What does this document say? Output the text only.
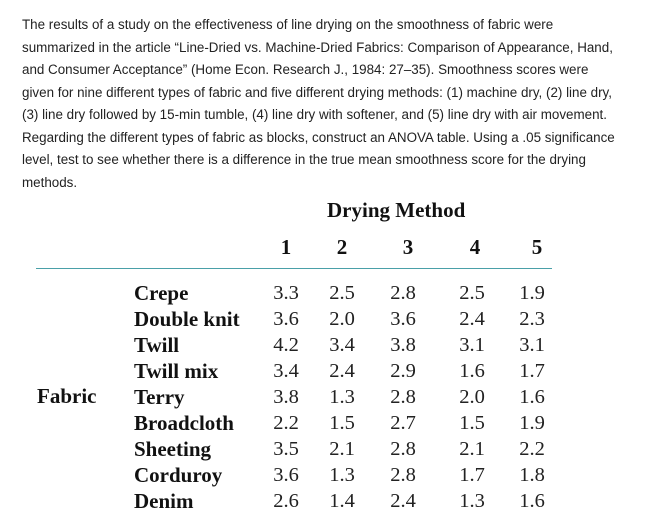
The results of a study on the effectiveness of line drying on the smoothness of fabric were summarized in the article “Line-Dried vs. Machine-Dried Fabrics: Comparison of Appearance, Hand, and Consumer Acceptance” (Home Econ. Research J., 1984: 27–35). Smoothness scores were given for nine different types of fabric and five different drying methods: (1) machine dry, (2) line dry, (3) line dry followed by 15-min tumble, (4) line dry with softener, and (5) line dry with air movement. Regarding the different types of fabric as blocks, construct an ANOVA table. Using a .05 significance level, test to see whether there is a difference in the true mean smoothness score for the drying methods.

Drying Method
1	2	3	4	5
Fabric
Crepe	3.3	2.5	2.8	2.5	1.9
Double knit	3.6	2.0	3.6	2.4	2.3
Twill	4.2	3.4	3.8	3.1	3.1
Twill mix	3.4	2.4	2.9	1.6	1.7
Terry	3.8	1.3	2.8	2.0	1.6
Broadcloth	2.2	1.5	2.7	1.5	1.9
Sheeting	3.5	2.1	2.8	2.1	2.2
Corduroy	3.6	1.3	2.8	1.7	1.8
Denim	2.6	1.4	2.4	1.3	1.6
